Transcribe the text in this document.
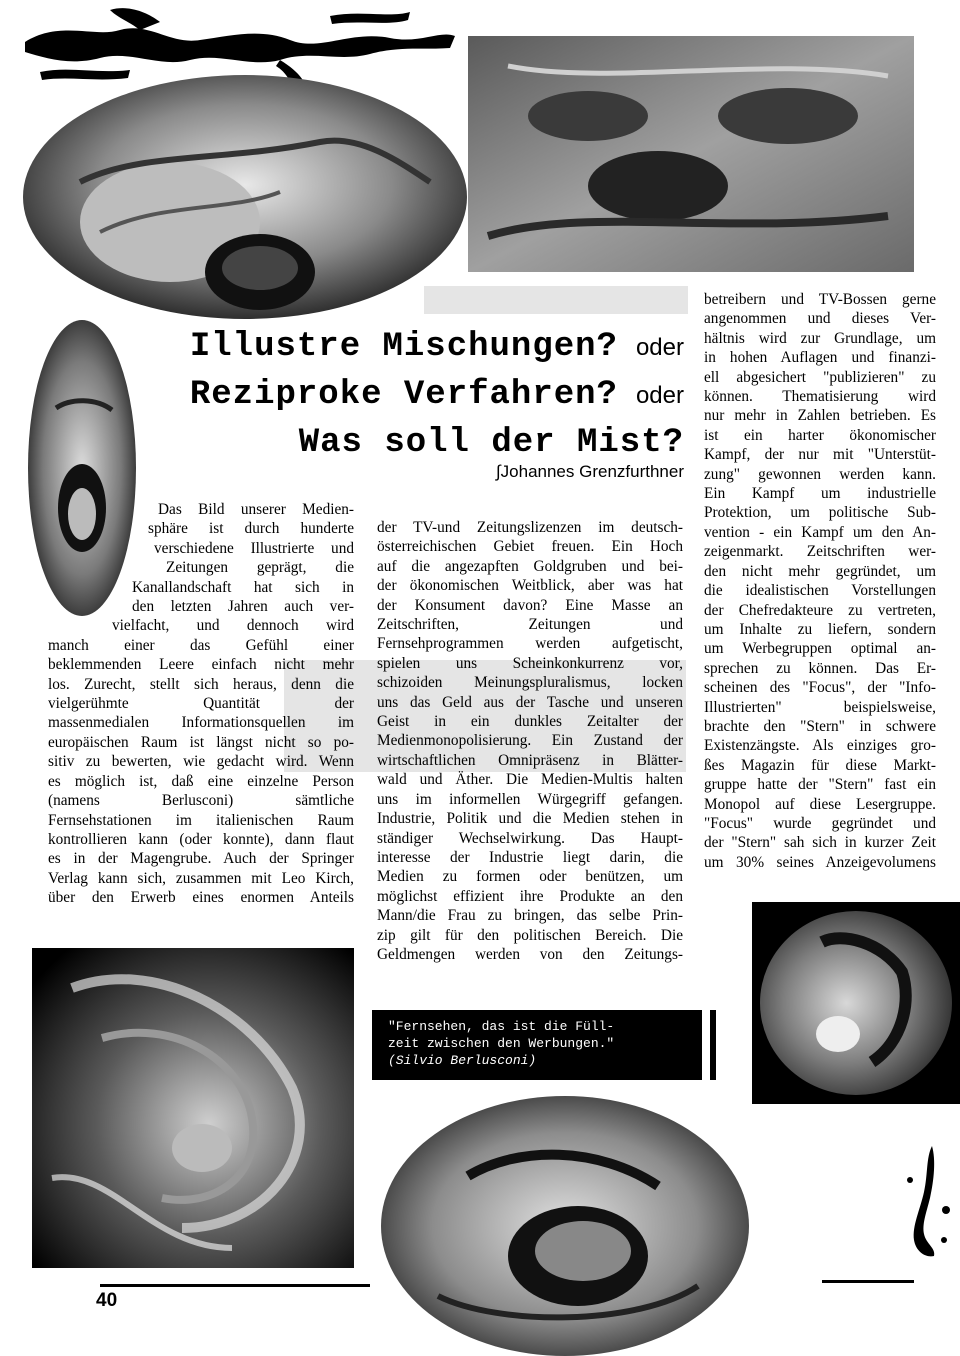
Illustre Mischungen? oder
Reziproke Verfahren? oder
Was soll der Mist?
∫Johannes Grenzfurthner

Das Bild unserer Medien-

sphäre ist durch hunderte

verschiedene Illustrierte und

Zeitungen geprägt, die

Kanallandschaft hat sich in

den letzten Jahren auch ver-

vielfacht, und dennoch wird

manch einer das Gefühl einer

beklemmenden Leere einfach nicht mehr

los. Zurecht, stellt sich heraus, denn die

vielgerühmte Quantität der

massenmedialen Informationsquellen im

europäischen Raum ist längst nicht so po-

sitiv zu bewerten, wie gedacht wird. Wenn

es möglich ist, daß eine einzelne Person

(namens Berlusconi) sämtliche

Fernsehstationen im italienischen Raum

kontrollieren kann (oder konnte), dann flaut

es in der Magengrube. Auch der Springer

Verlag kann sich, zusammen mit Leo Kirch,

über den Erwerb eines enormen Anteils

der TV-und Zeitungslizenzen im deutsch-

österreichischen Gebiet freuen. Ein Hoch

auf die angezapften Goldgruben und bei-

der ökonomischen Weitblick, aber was hat

der Konsument davon? Eine Masse an

Zeitschriften, Zeitungen und

Fernsehprogrammen werden aufgetischt,

spielen uns Scheinkonkurrenz vor,

schizoiden Meinungspluralismus, locken

uns das Geld aus der Tasche und unseren

Geist in ein dunkles Zeitalter der

Medienmonopolisierung. Ein Zustand der

wirtschaftlichen Omnipräsenz in Blätter-

wald und Äther. Die Medien-Multis halten

uns im informellen Würgegriff gefangen.

Industrie, Politik und die Medien stehen in

ständiger Wechselwirkung. Das Haupt-

interesse der Industrie liegt darin, die

Medien zu formen oder benützen, um

möglichst effizient ihre Produkte an den

Mann/die Frau zu bringen, das selbe Prin-

zip gilt für den politischen Bereich. Die

Geldmengen werden von den Zeitungs-

betreibern und TV-Bossen gerne

angenommen und dieses Ver-

hältnis wird zur Grundlage, um

in hohen Auflagen und finanzi-

ell abgesichert "publizieren" zu

können. Thematisierung wird

nur mehr in Zahlen betrieben. Es

ist ein harter ökonomischer

Kampf, der nur mit "Unterstüt-

zung" gewonnen werden kann.

Ein Kampf um industrielle

Protektion, um politische Sub-

vention - ein Kampf um den An-

zeigenmarkt. Zeitschriften wer-

den nicht mehr gegründet, um

die idealistischen Vorstellungen

der Chefredakteure zu vertreten,

um Inhalte zu liefern, sondern

um Werbegruppen optimal an-

sprechen zu können. Das Er-

scheinen des "Focus", der "Info-

Illustrierten" beispielsweise,

brachte den "Stern" in schwere

Existenzängste. Als einziges gro-

ßes Magazin für diese Markt-

gruppe hatte der "Stern" fast ein

Monopol auf diese Lesergruppe.

"Focus" wurde gegründet und

der "Stern" sah sich in kurzer Zeit

um 30% seines Anzeigevolumens

"Fernsehen, das ist die Füll-
zeit zwischen den Werbungen."
(Silvio Berlusconi)
40
